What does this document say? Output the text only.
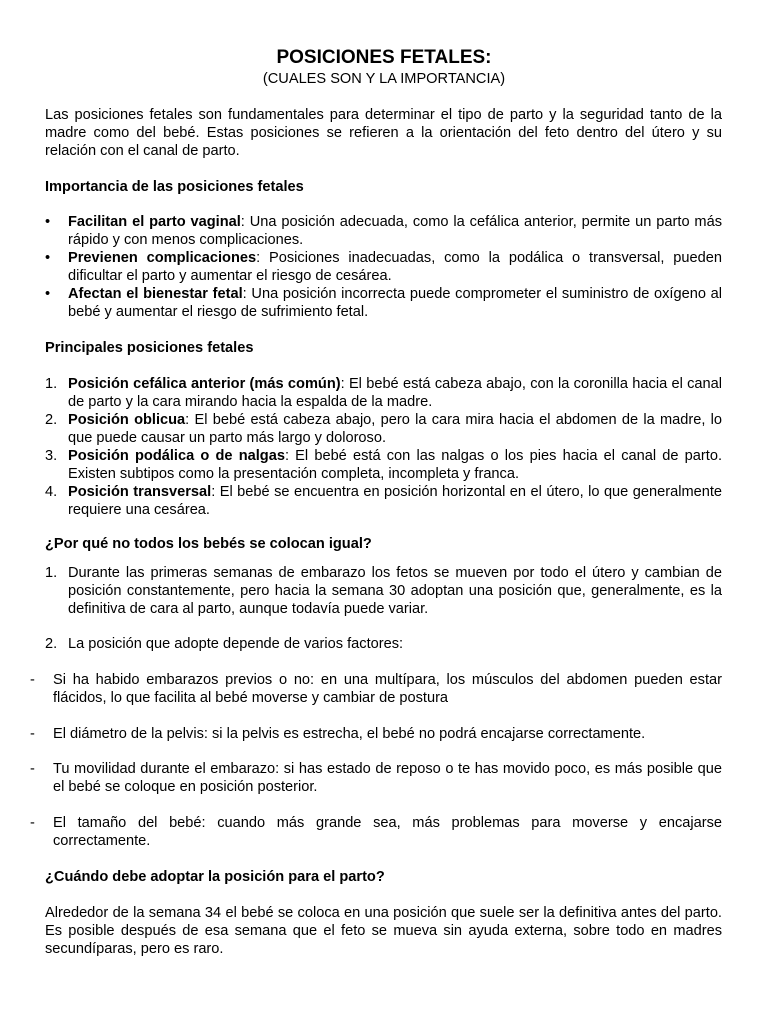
POSICIONES FETALES:
(CUALES SON Y LA IMPORTANCIA)

Las posiciones fetales son fundamentales para determinar el tipo de parto y la seguridad tanto de la madre como del bebé. Estas posiciones se refieren a la orientación del feto dentro del útero y su relación con el canal de parto.

Importancia de las posiciones fetales
•	Facilitan el parto vaginal: Una posición adecuada, como la cefálica anterior, permite un parto más rápido y con menos complicaciones.
•	Previenen complicaciones: Posiciones inadecuadas, como la podálica o transversal, pueden dificultar el parto y aumentar el riesgo de cesárea.
•	Afectan el bienestar fetal: Una posición incorrecta puede comprometer el suministro de oxígeno al bebé y aumentar el riesgo de sufrimiento fetal.
Principales posiciones fetales
1. Posición cefálica anterior (más común): El bebé está cabeza abajo, con la coronilla hacia el canal de parto y la cara mirando hacia la espalda de la madre.
2. Posición oblicua: El bebé está cabeza abajo, pero la cara mira hacia el abdomen de la madre, lo que puede causar un parto más largo y doloroso.
3. Posición podálica o de nalgas: El bebé está con las nalgas o los pies hacia el canal de parto. Existen subtipos como la presentación completa, incompleta y franca.
4. Posición transversal: El bebé se encuentra en posición horizontal en el útero, lo que generalmente requiere una cesárea.
¿Por qué no todos los bebés se colocan igual?
1. Durante las primeras semanas de embarazo los fetos se mueven por todo el útero y cambian de posición constantemente, pero hacia la semana 30 adoptan una posición que, generalmente, es la definitiva de cara al parto, aunque todavía puede variar.
2. La posición que adopte depende de varios factores:
-	Si ha habido embarazos previos o no: en una multípara, los músculos del abdomen pueden estar flácidos, lo que facilita al bebé moverse y cambiar de postura
-	El diámetro de la pelvis: si la pelvis es estrecha, el bebé no podrá encajarse correctamente.
-	Tu movilidad durante el embarazo: si has estado de reposo o te has movido poco, es más posible que el bebé se coloque en posición posterior.
-	El tamaño del bebé: cuando más grande sea, más problemas para moverse y encajarse correctamente.
¿Cuándo debe adoptar la posición para el parto?

Alrededor de la semana 34 el bebé se coloca en una posición que suele ser la definitiva antes del parto. Es posible después de esa semana que el feto se mueva sin ayuda externa, sobre todo en madres secundíparas, pero es raro.
